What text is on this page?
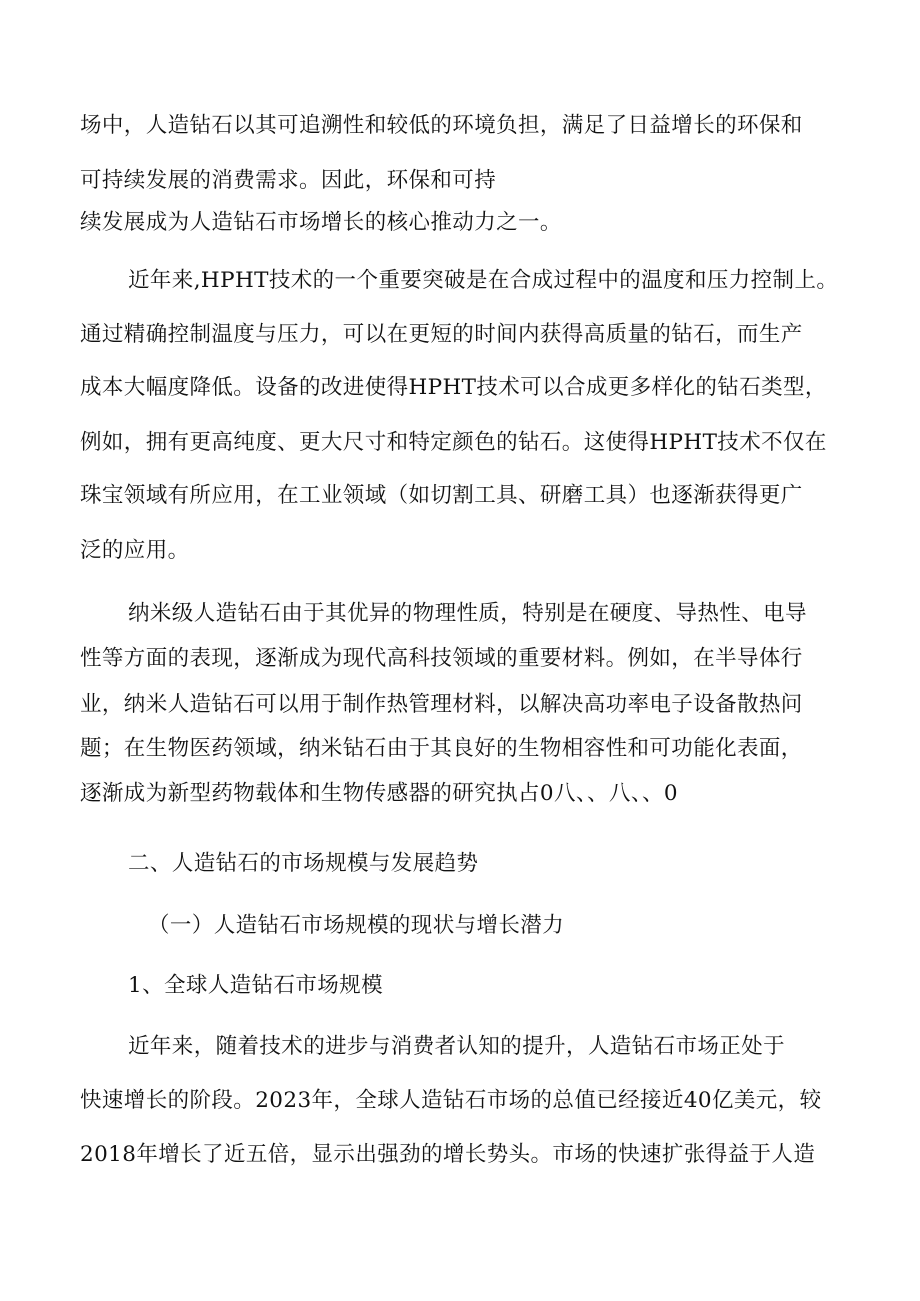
场中，人造钻石以其可追溯性和较低的环境负担，满足了日益增长的环保和
可持续发展的消费需求。因此，环保和可持
续发展成为人造钻石市场增长的核心推动力之一。
近年来,HPHT技术的一个重要突破是在合成过程中的温度和压力控制上。
通过精确控制温度与压力，可以在更短的时间内获得高质量的钻石，而生产
成本大幅度降低。设备的改进使得HPHT技术可以合成更多样化的钻石类型，
例如，拥有更高纯度、更大尺寸和特定颜色的钻石。这使得HPHT技术不仅在
珠宝领域有所应用，在工业领域（如切割工具、研磨工具）也逐渐获得更广
泛的应用。
纳米级人造钻石由于其优异的物理性质，特别是在硬度、导热性、电导
性等方面的表现，逐渐成为现代高科技领域的重要材料。例如，在半导体行
业，纳米人造钻石可以用于制作热管理材料，以解决高功率电子设备散热问
题；在生物医药领域，纳米钻石由于其良好的生物相容性和可功能化表面，
逐渐成为新型药物载体和生物传感器的研究执占0八、、八、、0
二、人造钻石的市场规模与发展趋势
（一）人造钻石市场规模的现状与增长潜力
1、全球人造钻石市场规模
近年来，随着技术的进步与消费者认知的提升，人造钻石市场正处于
快速增长的阶段。2023年，全球人造钻石市场的总值已经接近40亿美元，较
2018年增长了近五倍，显示出强劲的增长势头。市场的快速扩张得益于人造
